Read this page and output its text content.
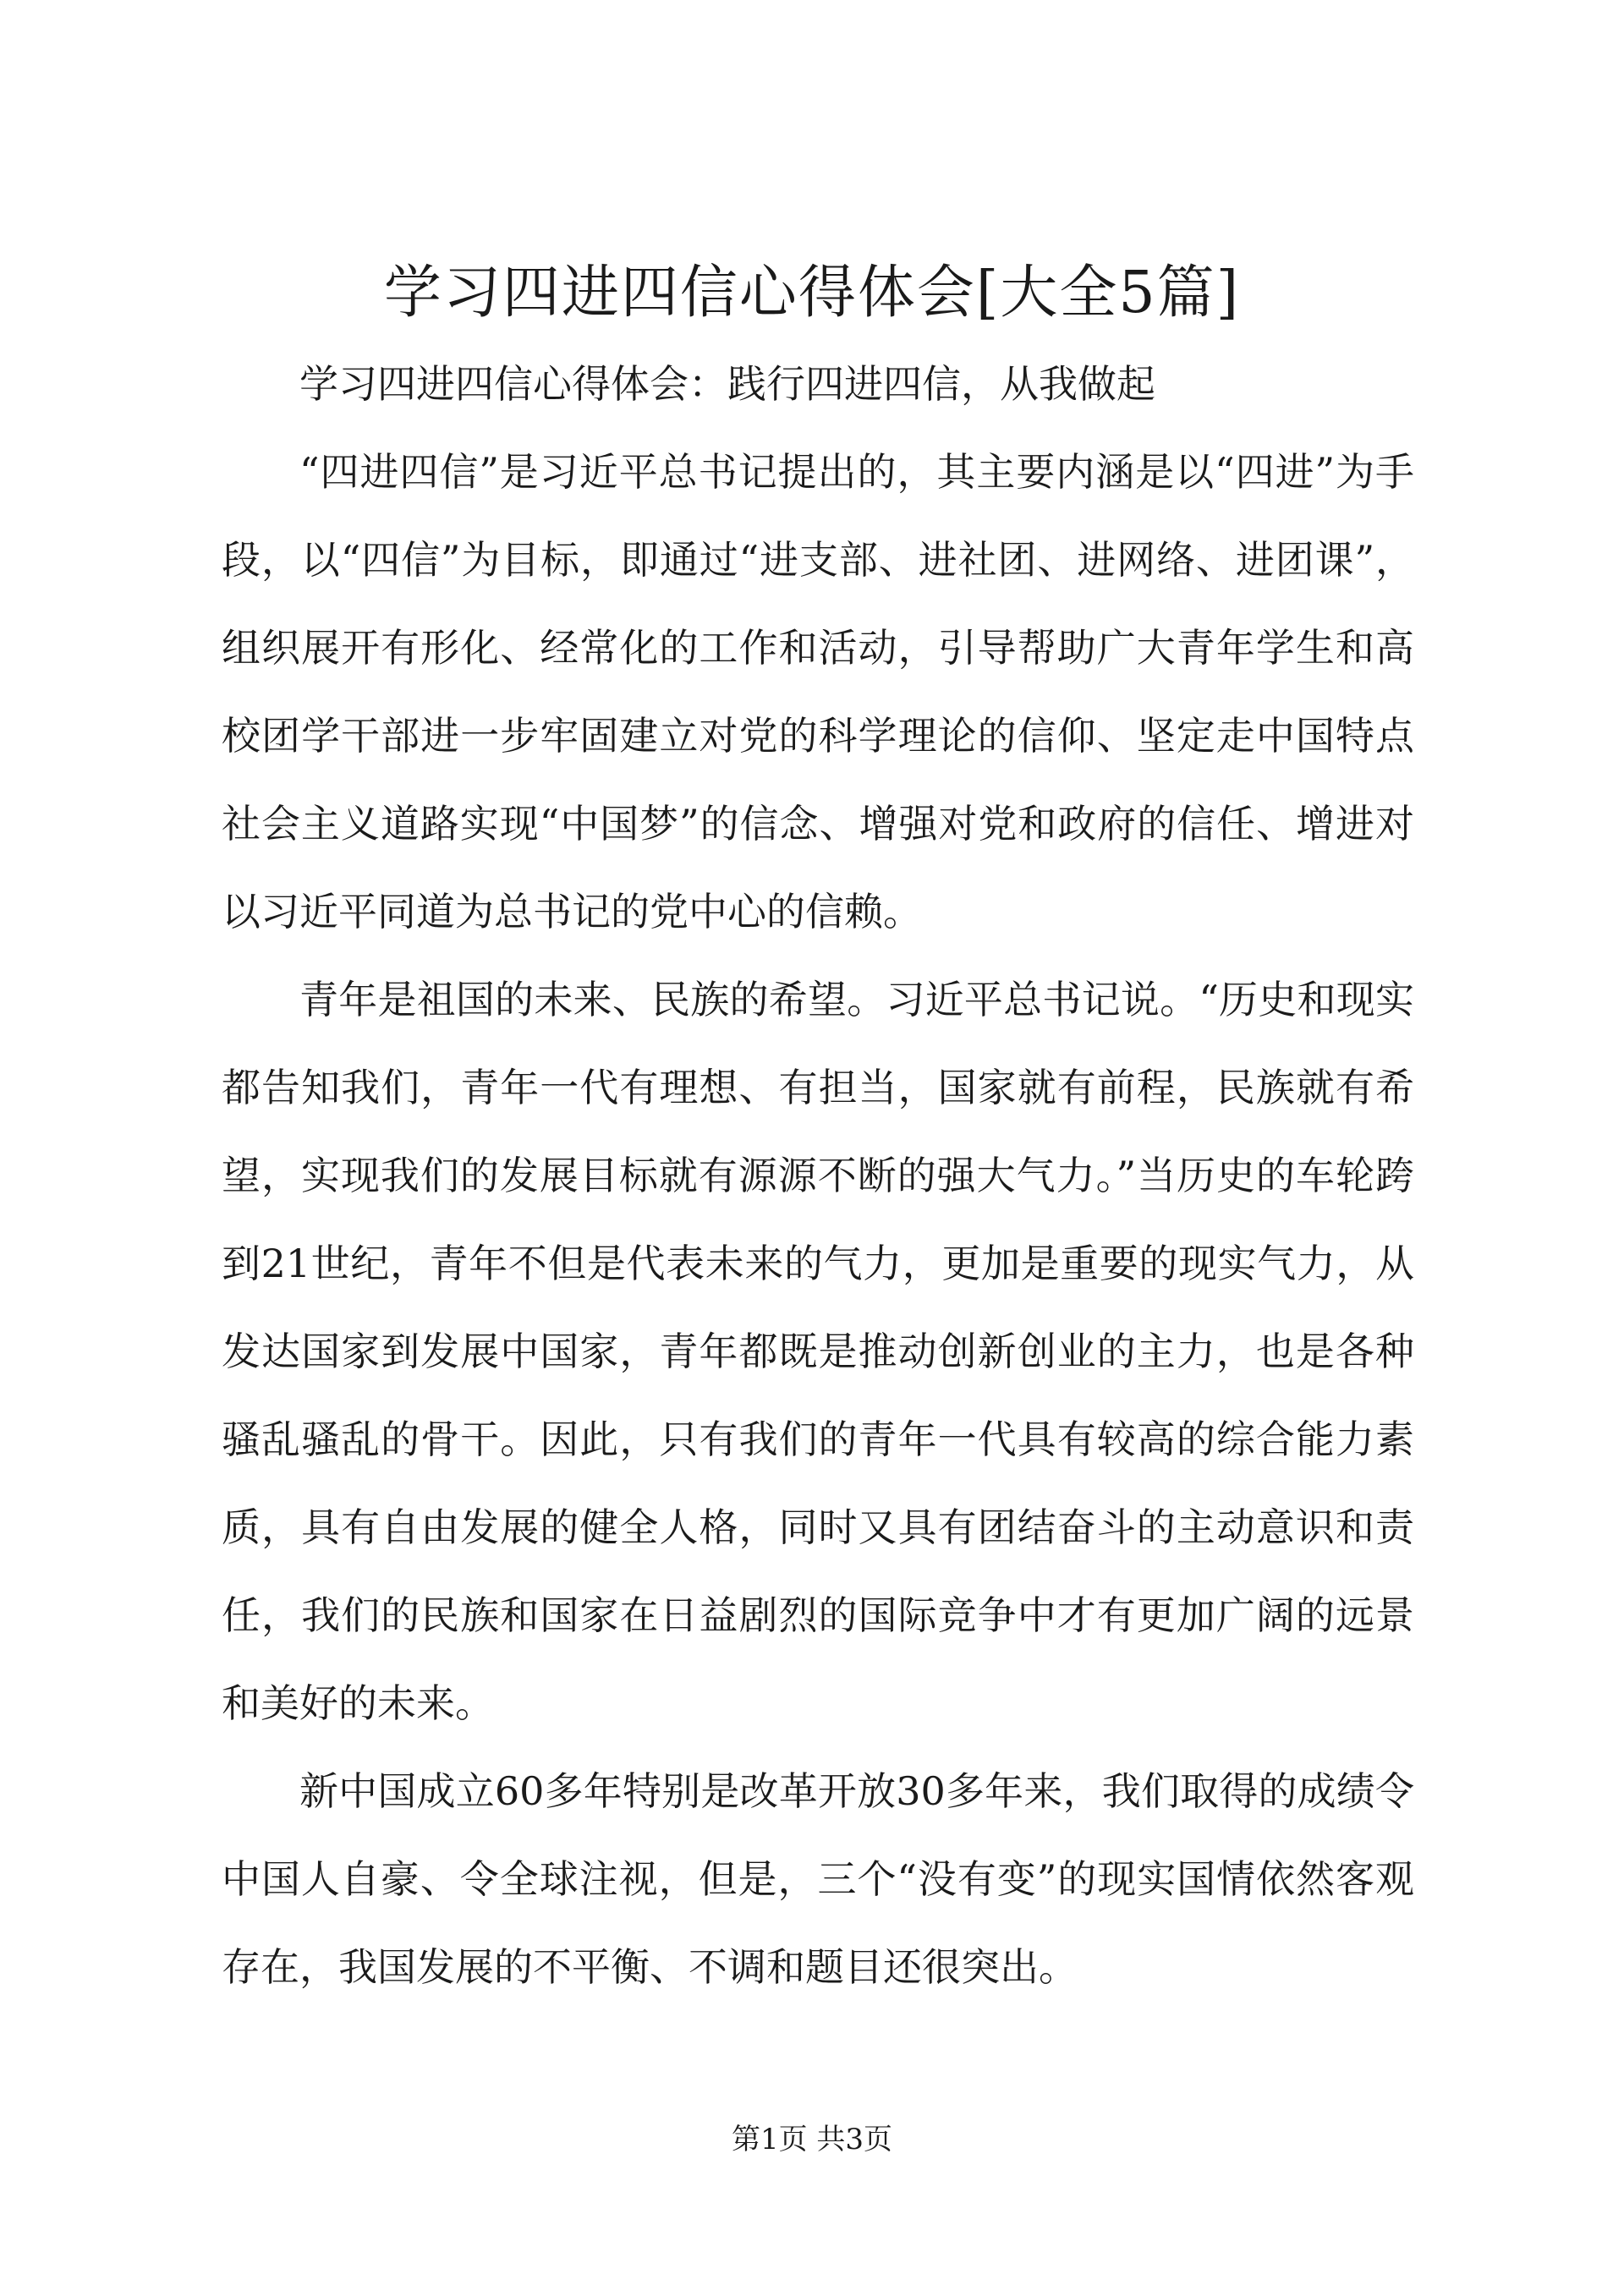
学习四进四信心得体会[大全5篇]

学习四进四信心得体会：践行四进四信，从我做起

“四进四信”是习近平总书记提出的，其主要内涵是以“四进”为手段，以“四信”为目标，即通过“进支部、进社团、进网络、进团课”，组织展开有形化、经常化的工作和活动，引导帮助广大青年学生和高校团学干部进一步牢固建立对党的科学理论的信仰、坚定走中国特点社会主义道路实现“中国梦”的信念、增强对党和政府的信任、增进对以习近平同道为总书记的党中心的信赖。

青年是祖国的未来、民族的希望。习近平总书记说。“历史和现实都告知我们，青年一代有理想、有担当，国家就有前程，民族就有希望，实现我们的发展目标就有源源不断的强大气力。”当历史的车轮跨到21世纪，青年不但是代表未来的气力，更加是重要的现实气力，从发达国家到发展中国家，青年都既是推动创新创业的主力，也是各种骚乱骚乱的骨干。因此，只有我们的青年一代具有较高的综合能力素质，具有自由发展的健全人格，同时又具有团结奋斗的主动意识和责任，我们的民族和国家在日益剧烈的国际竞争中才有更加广阔的远景和美好的未来。

新中国成立60多年特别是改革开放30多年来，我们取得的成绩令中国人自豪、令全球注视，但是，三个“没有变”的现实国情依然客观存在，我国发展的不平衡、不调和题目还很突出。

第1页 共3页
